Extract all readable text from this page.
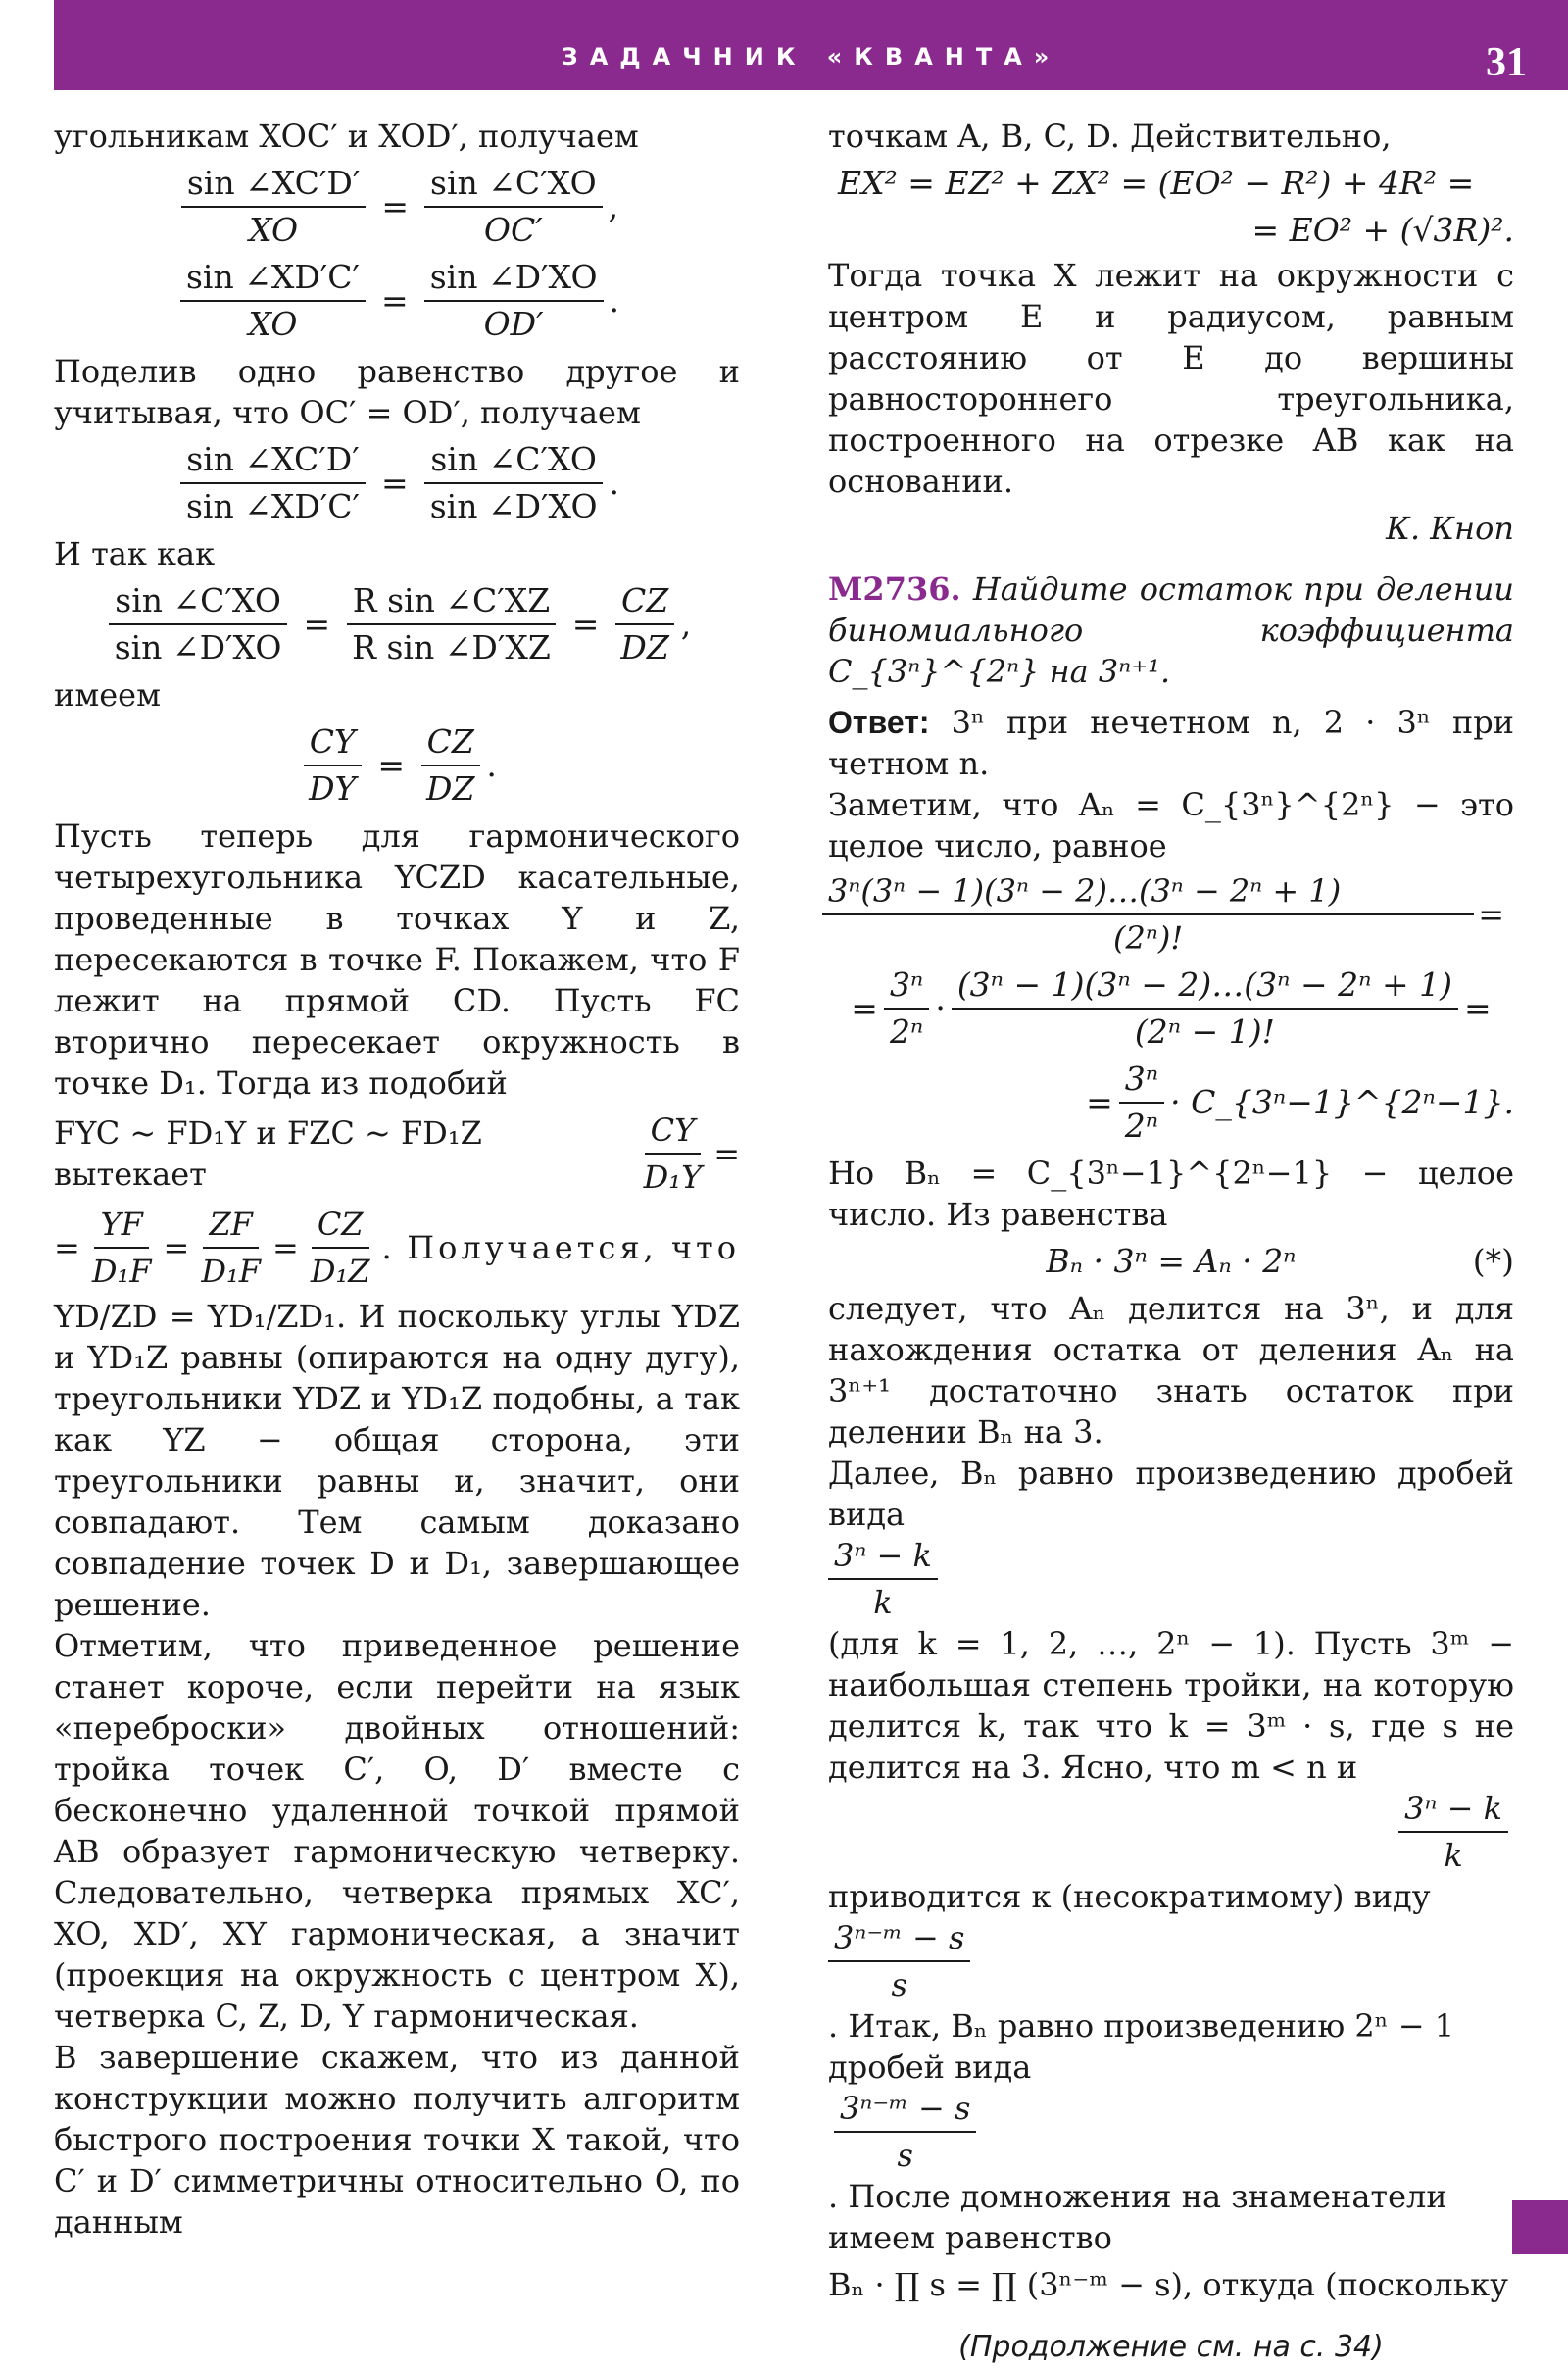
ЗАДАЧНИК «КВАНТА»	31

угольникам XOC′ и XOD′, получаем

$\frac{\sin \angle XC'D'}{XO} = \frac{\sin \angle C'XO}{OC'}$ ,
$\frac{\sin \angle XD'C'}{XO} = \frac{\sin \angle D'XO}{OD'}$ .

Поделив одно равенство другое и учитывая, что OC′ = OD′, получаем

$\frac{\sin \angle XC'D'}{\sin \angle XD'C'} = \frac{\sin \angle C'XO}{\sin \angle D'XO}$ .

И так как

$\frac{\sin \angle C'XO}{\sin \angle D'XO} = \frac{\text{R sin ∠C′XZ}}{\text{R sin ∠D′XZ}} = \frac{CZ}{DZ}$ ,

имеем

$\frac{CY}{DY} = \frac{CZ}{DZ}$ .

Пусть теперь для гармонического четырехугольника YCZD касательные, проведенные в точках Y и Z, пересекаются в точке F. Покажем, что F лежит на прямой CD. Пусть FC вторично пересекает окружность в точке D₁. Тогда из подобий

FYC ~ FD₁Y и FZC ~ FD₁Z вытекает	$\frac{CY}{\text{D₁Y}}$ =
= $\frac{YF}{\text{D₁F}} = \frac{ZF}{\text{D₁F}} = \frac{CZ}{\text{D₁Z}}$ . Получается, что

YD/ZD = YD₁/ZD₁. И поскольку углы YDZ и YD₁Z равны (опираются на одну дугу), треугольники YDZ и YD₁Z подобны, а так как YZ − общая сторона, эти треугольники равны и, значит, они совпадают. Тем самым доказано совпадение точек D и D₁, завершающее решение.

Отметим, что приведенное решение станет короче, если перейти на язык «переброски» двойных отношений: тройка точек C′, O, D′ вместе с бесконечно удаленной точкой прямой AB образует гармоническую четверку. Следовательно, четверка прямых XC′, XO, XD′, XY гармоническая, а значит (проекция на окружность с центром X), четверка C, Z, D, Y гармоническая.

В завершение скажем, что из данной конструкции можно получить алгоритм быстрого построения точки X такой, что C′ и D′ симметричны относительно O, по данным

точкам A, B, C, D. Действительно,

EX² = EZ² + ZX² = (EO² − R²) + 4R² =
= EO² + (√3R)².

Тогда точка X лежит на окружности с центром E и радиусом, равным расстоянию от E до вершины равностороннего треугольника, построенного на отрезке AB как на основании.

К. Кноп

М2736. Найдите остаток при делении биномиального коэффициента C_{3ⁿ}^{2ⁿ} на 3ⁿ⁺¹.

Ответ: 3ⁿ при нечетном n, 2 · 3ⁿ при четном n.

Заметим, что Aₙ = C_{3ⁿ}^{2ⁿ} − это целое число, равное

$\frac{\text{3ⁿ(3ⁿ − 1)(3ⁿ − 2)…(3ⁿ − 2ⁿ + 1)}}{\text{(2ⁿ)!}}$ =
= $\frac{\text{3ⁿ}}{\text{2ⁿ}} \cdot \frac{\text{(3ⁿ − 1)(3ⁿ − 2)…(3ⁿ − 2ⁿ + 1)}}{\text{(2ⁿ − 1)!}}$ =
= $\frac{\text{3ⁿ}}{\text{2ⁿ}}$ · C_{3ⁿ−1}^{2ⁿ−1}.

Но Bₙ = C_{3ⁿ−1}^{2ⁿ−1} − целое число. Из равенства

Bₙ · 3ⁿ = Aₙ · 2ⁿ	(*)

следует, что Aₙ делится на 3ⁿ, и для нахождения остатка от деления Aₙ на 3ⁿ⁺¹ достаточно знать остаток при делении Bₙ на 3.

Далее, Bₙ равно произведению дробей вида

$\frac{\text{3ⁿ − k}}{k}$

(для k = 1, 2, …, 2ⁿ − 1). Пусть 3ᵐ − наибольшая степень тройки, на которую делится k, так что k = 3ᵐ · s, где s не делится на 3. Ясно, что m < n и

$\frac{\text{3ⁿ − k}}{k}$

приводится к (несократимому) виду

$\frac{\text{3ⁿ⁻ᵐ − s}}{s}$
. Итак, Bₙ равно произведению 2ⁿ − 1 дробей вида
$\frac{\text{3ⁿ⁻ᵐ − s}}{s}$
. После домножения на знаменатели имеем равенство

Bₙ · ∏ s = ∏ (3ⁿ⁻ᵐ − s), откуда (поскольку

(Продолжение см. на с. 34)
